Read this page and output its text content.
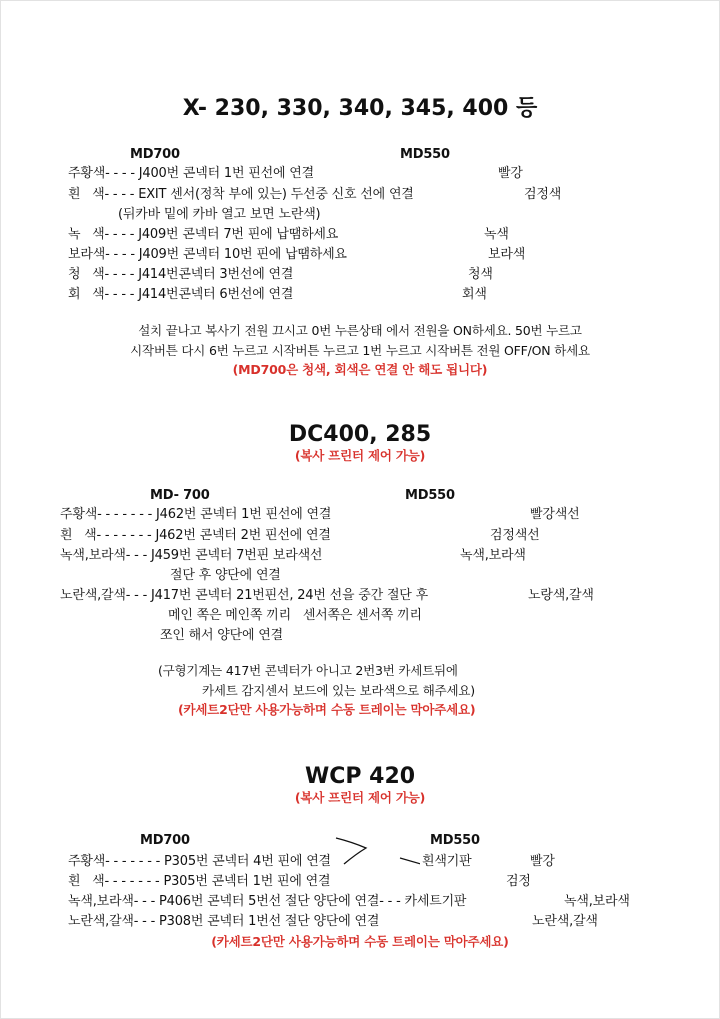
X- 230, 330, 340, 345, 400 등
MD700	MD550
주황색- - - - J400번 콘넥터 1번 핀선에 연결	빨강
흰   색- - - - EXIT 센서(정착 부에 있는) 두선중 신호 선에 연결	검정색
(뒤카바 밑에 카바 열고 보면 노란색)
녹   색- - - - J409번 콘넥터 7번 핀에 납땜하세요	녹색
보라색- - - - J409번 콘넥터 10번 핀에 납땜하세요	보라색
청   색- - - - J414번콘넥터 3번선에 연결	청색
회   색- - - - J414번콘넥터 6번선에 연결	회색
설치 끝나고 복사기 전원 끄시고 0번 누른상태 에서 전원을 ON하세요. 50번 누르고
시작버튼 다시 6번 누르고 시작버튼 누르고 1번 누르고 시작버튼 전원 OFF/ON 하세요
(MD700은 청색, 회색은 연결 안 해도 됩니다)
DC400, 285
(복사 프린터 제어 가능)
MD- 700	MD550
주황색- - - - - - - J462번 콘넥터 1번 핀선에 연결	빨강색선
흰   색- - - - - - - J462번 콘넥터 2번 핀선에 연결	검정색선
녹색,보라색- - - J459번 콘넥터 7번핀 보라색선	녹색,보라색
절단 후 양단에 연결
노란색,갈색- - - J417번 콘넥터 21번핀선, 24번 선을 중간 절단 후	노랑색,갈색
메인 쪽은 메인쪽 끼리   센서쪽은 센서쪽 끼리
쪼인 해서 양단에 연결
(구형기계는 417번 콘넥터가 아니고 2번3번 카세트뒤에
카세트 감지센서 보드에 있는 보라색으로 해주세요)
(카세트2단만 사용가능하며 수동 트레이는 막아주세요)
WCP 420
(복사 프린터 제어 가능)
MD700	MD550
주황색- - - - - - - P305번 콘넥터 4번 핀에 연결	흰색기판	빨강
흰   색- - - - - - - P305번 콘넥터 1번 핀에 연결	검정
녹색,보라색- - - P406번 콘넥터 5번선 절단 양단에 연결- - - 카세트기판	녹색,보라색
노란색,갈색- - - P308번 콘넥터 1번선 절단 양단에 연결	노란색,갈색
(카세트2단만 사용가능하며 수동 트레이는 막아주세요)
